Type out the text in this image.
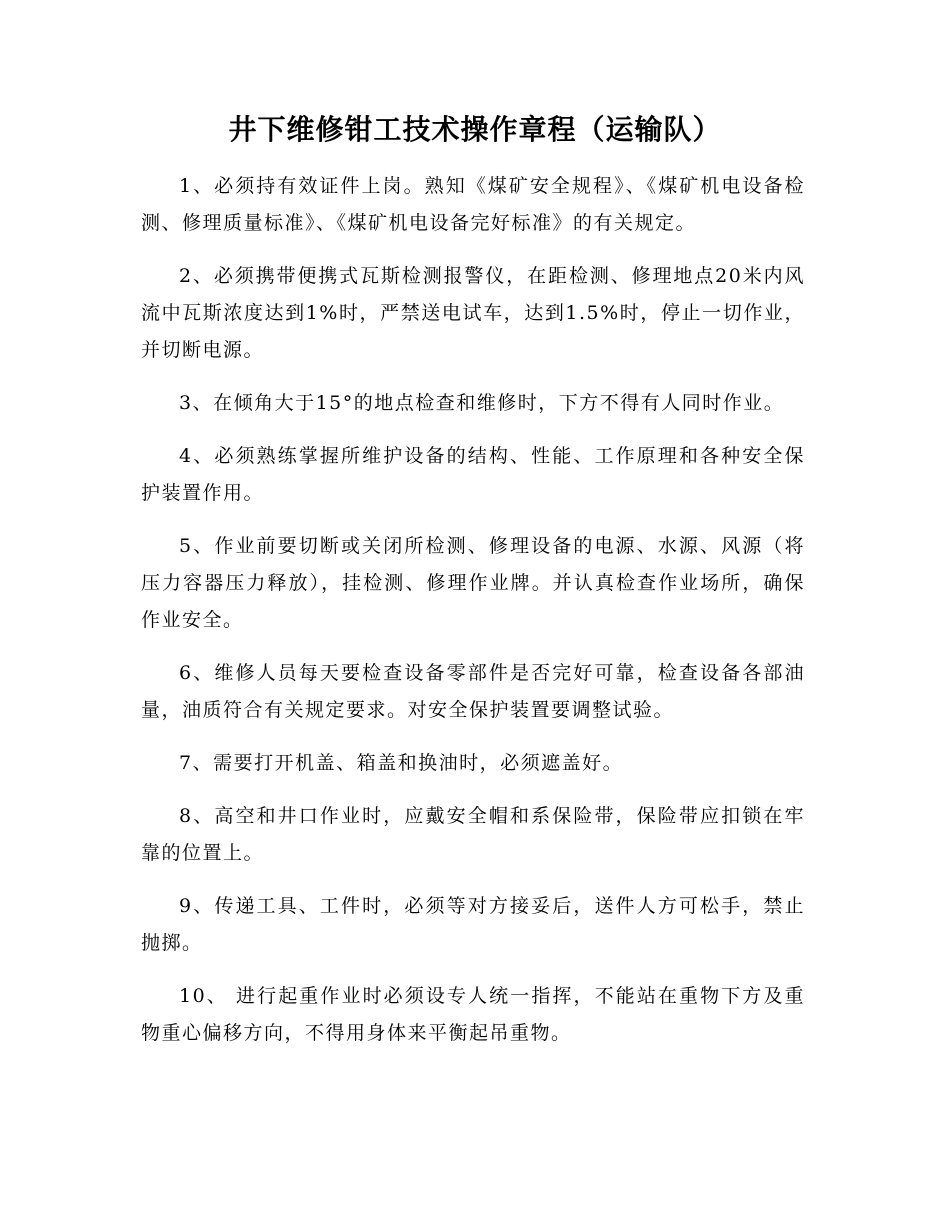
井下维修钳工技术操作章程（运输队）

1、必须持有效证件上岗。熟知《煤矿安全规程》、《煤矿机电设备检测、修理质量标准》、《煤矿机电设备完好标准》的有关规定。

2、必须携带便携式瓦斯检测报警仪，在距检测、修理地点20米内风流中瓦斯浓度达到1%时，严禁送电试车，达到1.5%时，停止一切作业，并切断电源。

3、在倾角大于15°的地点检查和维修时，下方不得有人同时作业。

4、必须熟练掌握所维护设备的结构、性能、工作原理和各种安全保护装置作用。

5、作业前要切断或关闭所检测、修理设备的电源、水源、风源（将压力容器压力释放），挂检测、修理作业牌。并认真检查作业场所，确保作业安全。

6、维修人员每天要检查设备零部件是否完好可靠，检查设备各部油量，油质符合有关规定要求。对安全保护装置要调整试验。

7、需要打开机盖、箱盖和换油时，必须遮盖好。

8、高空和井口作业时，应戴安全帽和系保险带，保险带应扣锁在牢靠的位置上。

9、传递工具、工件时，必须等对方接妥后，送件人方可松手，禁止抛掷。

10、 进行起重作业时必须设专人统一指挥，不能站在重物下方及重物重心偏移方向，不得用身体来平衡起吊重物。
